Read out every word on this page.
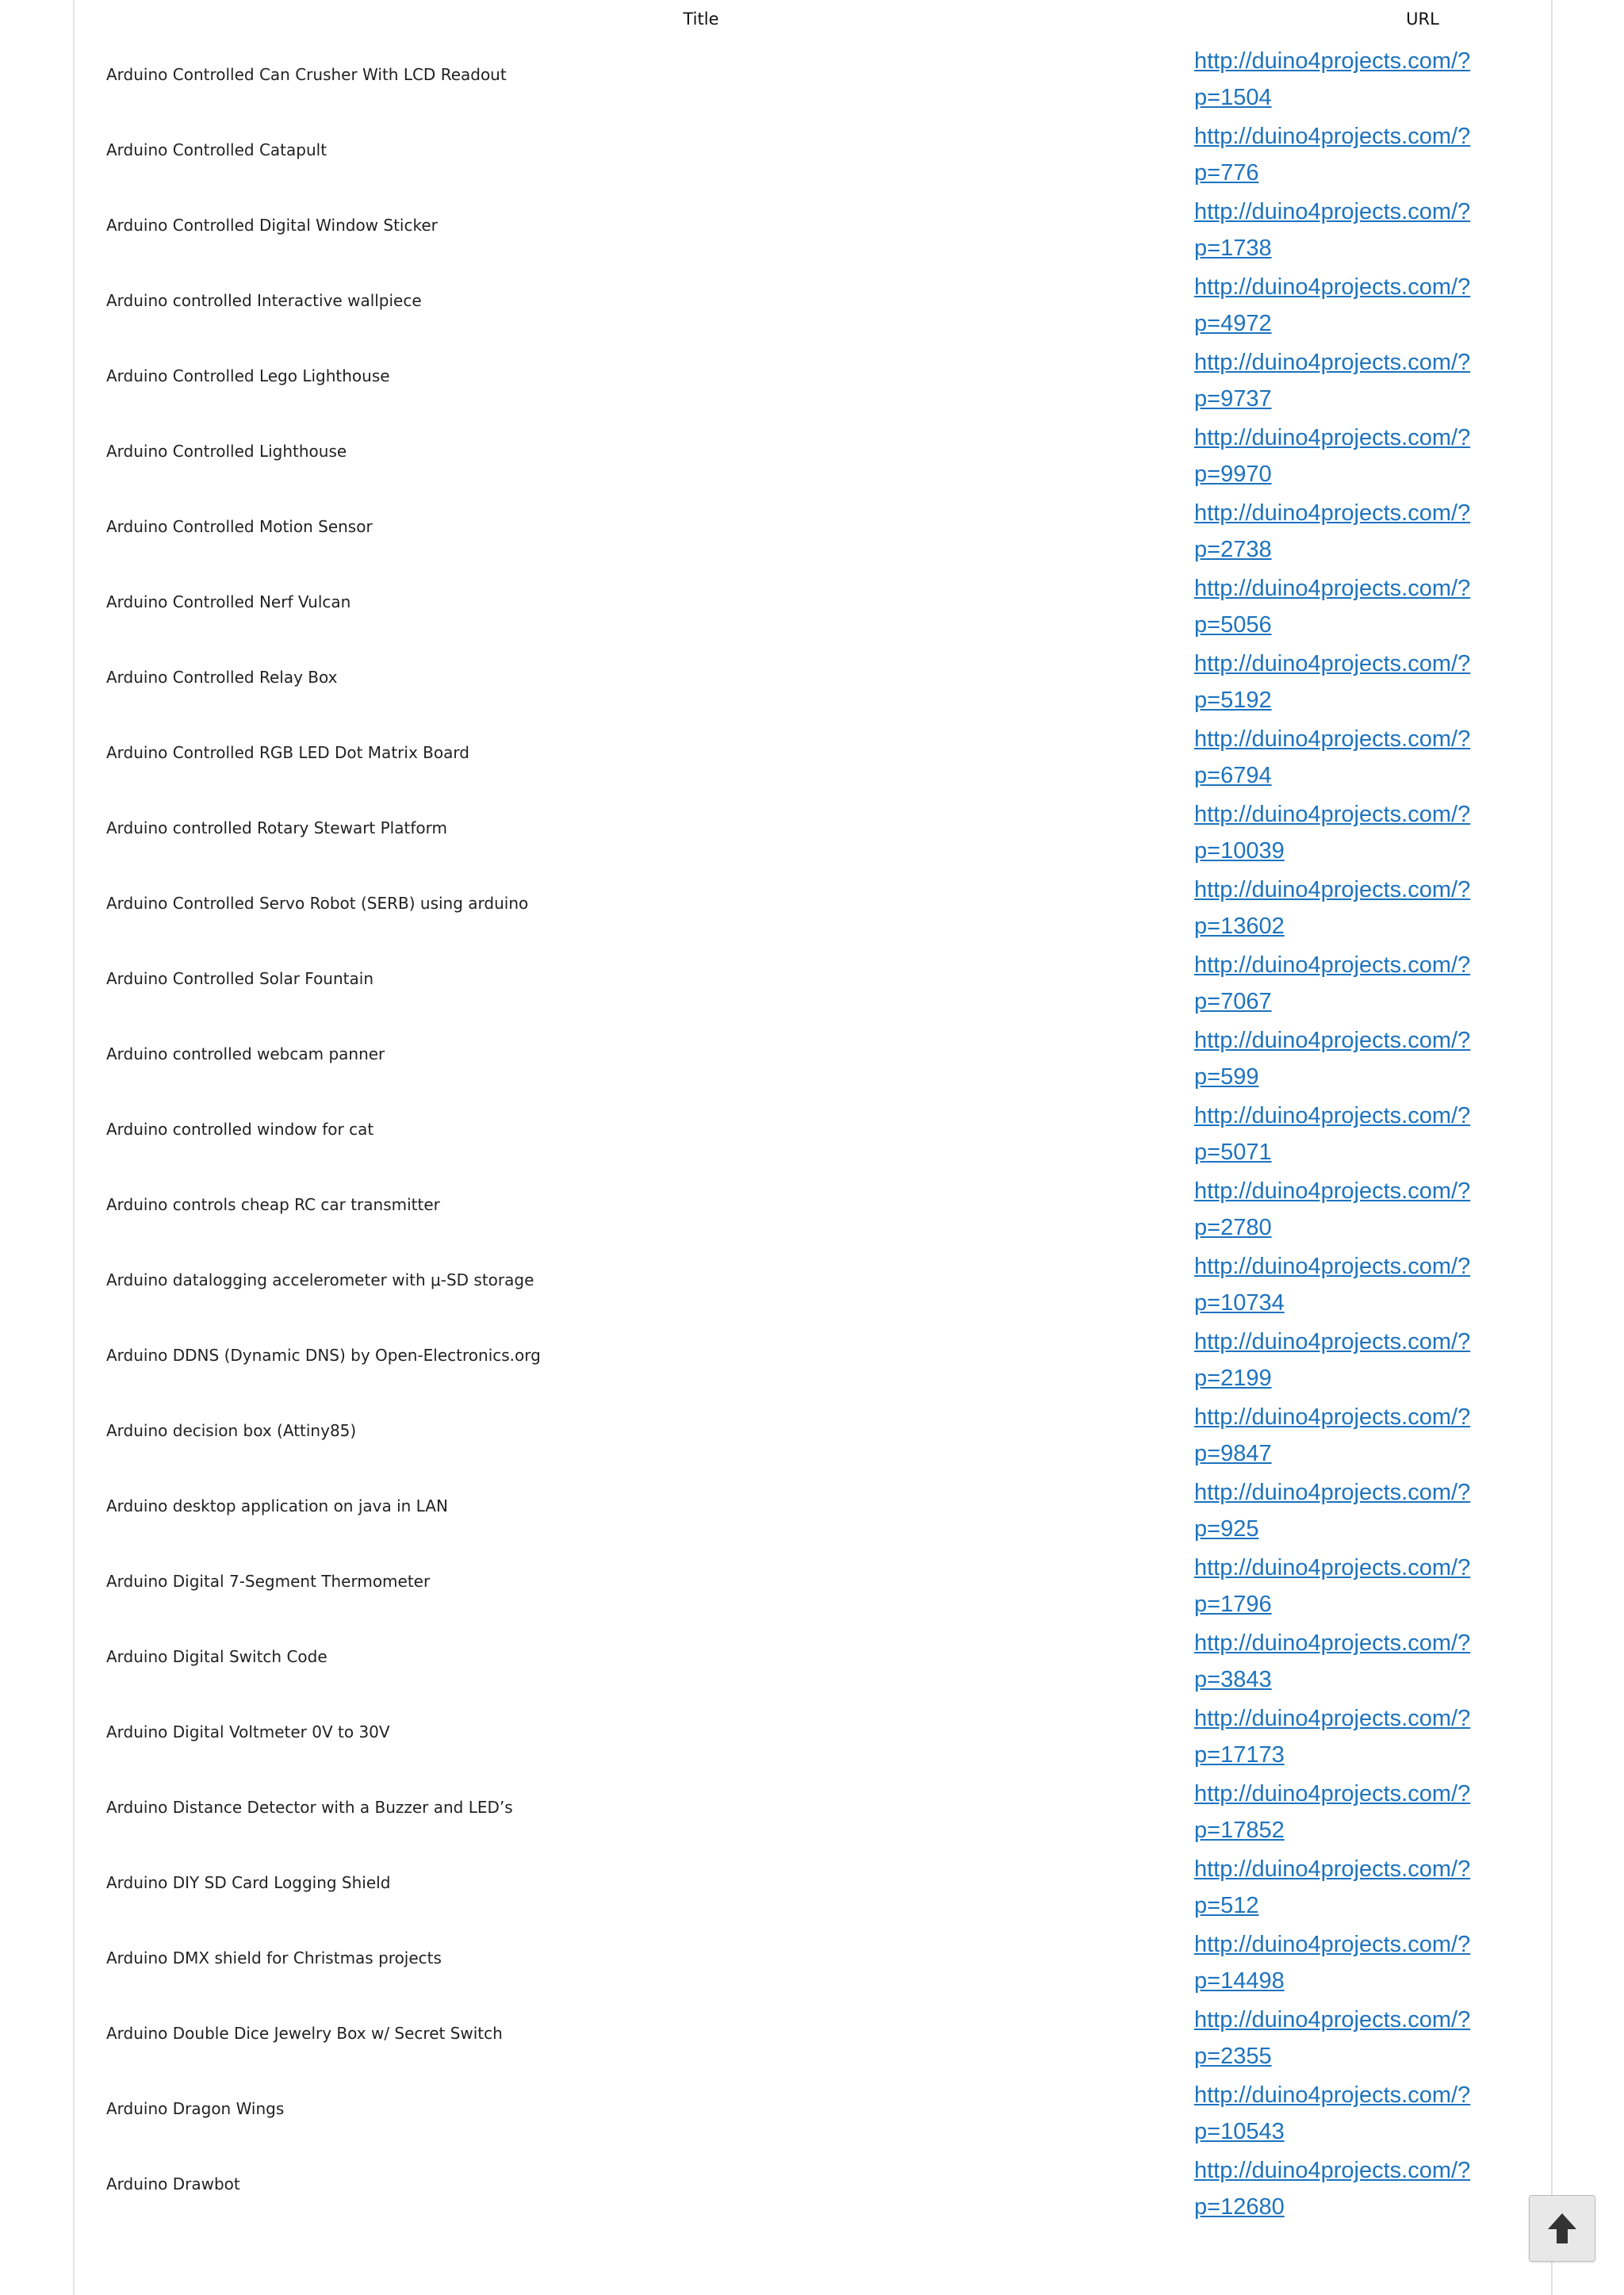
Title	URL
Arduino Controlled Can Crusher With LCD Readout
http://duino4projects.com/?
p=1504
Arduino Controlled Catapult
http://duino4projects.com/?
p=776
Arduino Controlled Digital Window Sticker
http://duino4projects.com/?
p=1738
Arduino controlled Interactive wallpiece
http://duino4projects.com/?
p=4972
Arduino Controlled Lego Lighthouse
http://duino4projects.com/?
p=9737
Arduino Controlled Lighthouse
http://duino4projects.com/?
p=9970
Arduino Controlled Motion Sensor
http://duino4projects.com/?
p=2738
Arduino Controlled Nerf Vulcan
http://duino4projects.com/?
p=5056
Arduino Controlled Relay Box
http://duino4projects.com/?
p=5192
Arduino Controlled RGB LED Dot Matrix Board
http://duino4projects.com/?
p=6794
Arduino controlled Rotary Stewart Platform
http://duino4projects.com/?
p=10039
Arduino Controlled Servo Robot (SERB) using arduino
http://duino4projects.com/?
p=13602
Arduino Controlled Solar Fountain
http://duino4projects.com/?
p=7067
Arduino controlled webcam panner
http://duino4projects.com/?
p=599
Arduino controlled window for cat
http://duino4projects.com/?
p=5071
Arduino controls cheap RC car transmitter
http://duino4projects.com/?
p=2780
Arduino datalogging accelerometer with μ-SD storage
http://duino4projects.com/?
p=10734
Arduino DDNS (Dynamic DNS) by Open-Electronics.org
http://duino4projects.com/?
p=2199
Arduino decision box (Attiny85)
http://duino4projects.com/?
p=9847
Arduino desktop application on java in LAN
http://duino4projects.com/?
p=925
Arduino Digital 7-Segment Thermometer
http://duino4projects.com/?
p=1796
Arduino Digital Switch Code
http://duino4projects.com/?
p=3843
Arduino Digital Voltmeter 0V to 30V
http://duino4projects.com/?
p=17173
Arduino Distance Detector with a Buzzer and LED’s
http://duino4projects.com/?
p=17852
Arduino DIY SD Card Logging Shield
http://duino4projects.com/?
p=512
Arduino DMX shield for Christmas projects
http://duino4projects.com/?
p=14498
Arduino Double Dice Jewelry Box w/ Secret Switch
http://duino4projects.com/?
p=2355
Arduino Dragon Wings
http://duino4projects.com/?
p=10543
Arduino Drawbot
http://duino4projects.com/?
p=12680
